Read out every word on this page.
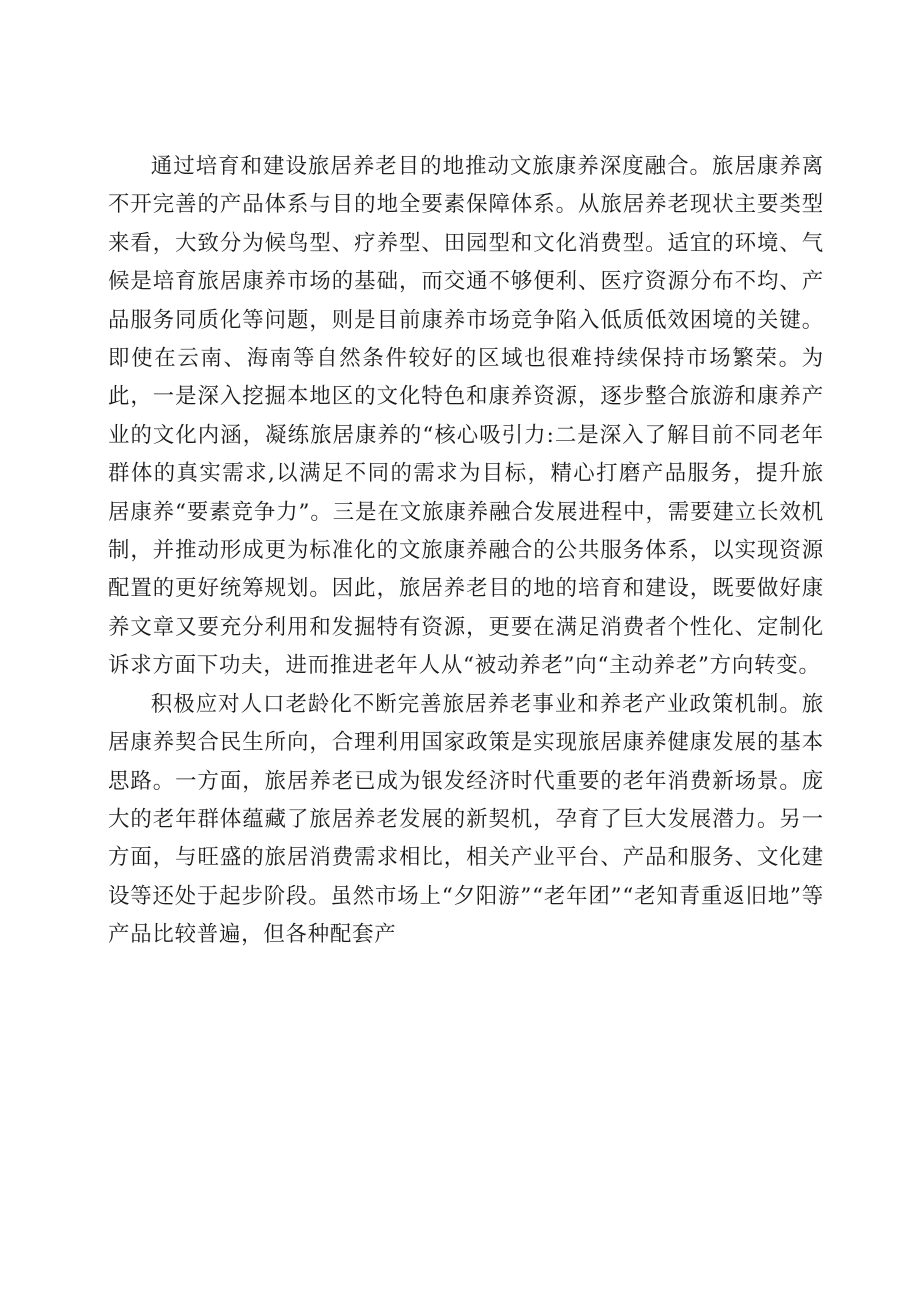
通过培育和建设旅居养老目的地推动文旅康养深度融合。旅居康养离不开完善的产品体系与目的地全要素保障体系。从旅居养老现状主要类型来看，大致分为候鸟型、疗养型、田园型和文化消费型。适宜的环境、气候是培育旅居康养市场的基础，而交通不够便利、医疗资源分布不均、产品服务同质化等问题，则是目前康养市场竞争陷入低质低效困境的关键。即使在云南、海南等自然条件较好的区域也很难持续保持市场繁荣。为此，一是深入挖掘本地区的文化特色和康养资源，逐步整合旅游和康养产业的文化内涵，凝练旅居康养的“核心吸引力:二是深入了解目前不同老年群体的真实需求,以满足不同的需求为目标，精心打磨产品服务，提升旅居康养“要素竞争力”。三是在文旅康养融合发展进程中，需要建立长效机制，并推动形成更为标准化的文旅康养融合的公共服务体系，以实现资源配置的更好统筹规划。因此，旅居养老目的地的培育和建设，既要做好康养文章又要充分利用和发掘特有资源，更要在满足消费者个性化、定制化诉求方面下功夫，进而推进老年人从“被动养老”向“主动养老”方向转变。

积极应对人口老龄化不断完善旅居养老事业和养老产业政策机制。旅居康养契合民生所向，合理利用国家政策是实现旅居康养健康发展的基本思路。一方面，旅居养老已成为银发经济时代重要的老年消费新场景。庞大的老年群体蕴藏了旅居养老发展的新契机，孕育了巨大发展潜力。另一方面，与旺盛的旅居消费需求相比，相关产业平台、产品和服务、文化建设等还处于起步阶段。虽然市场上“夕阳游”“老年团”“老知青重返旧地”等产品比较普遍，但各种配套产
